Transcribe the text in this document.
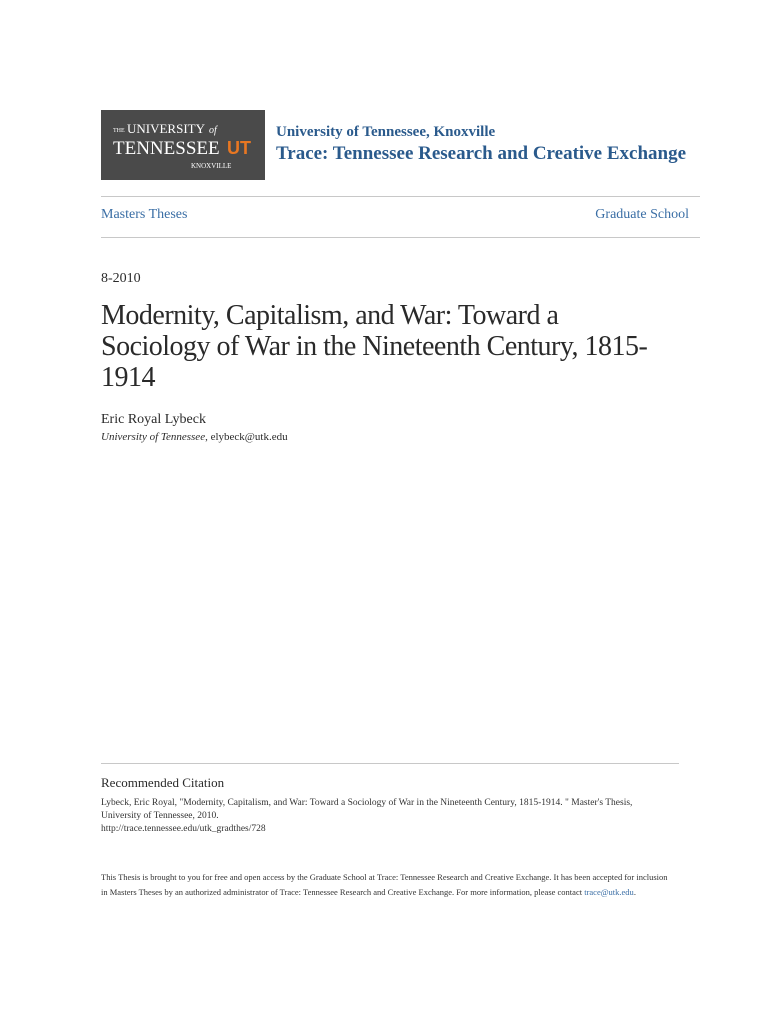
THE UNIVERSITY of
TENNESSEE UT
KNOXVILLE
University of Tennessee, Knoxville
Trace: Tennessee Research and Creative Exchange
Masters Theses	Graduate School
8-2010
Modernity, Capitalism, and War: Toward a Sociology of War in the Nineteenth Century, 1815-1914
Eric Royal Lybeck
University of Tennessee, elybeck@utk.edu
Recommended Citation
Lybeck, Eric Royal, "Modernity, Capitalism, and War: Toward a Sociology of War in the Nineteenth Century, 1815-1914. " Master's Thesis, University of Tennessee, 2010.
http://trace.tennessee.edu/utk_gradthes/728
This Thesis is brought to you for free and open access by the Graduate School at Trace: Tennessee Research and Creative Exchange. It has been accepted for inclusion in Masters Theses by an authorized administrator of Trace: Tennessee Research and Creative Exchange. For more information, please contact trace@utk.edu.
